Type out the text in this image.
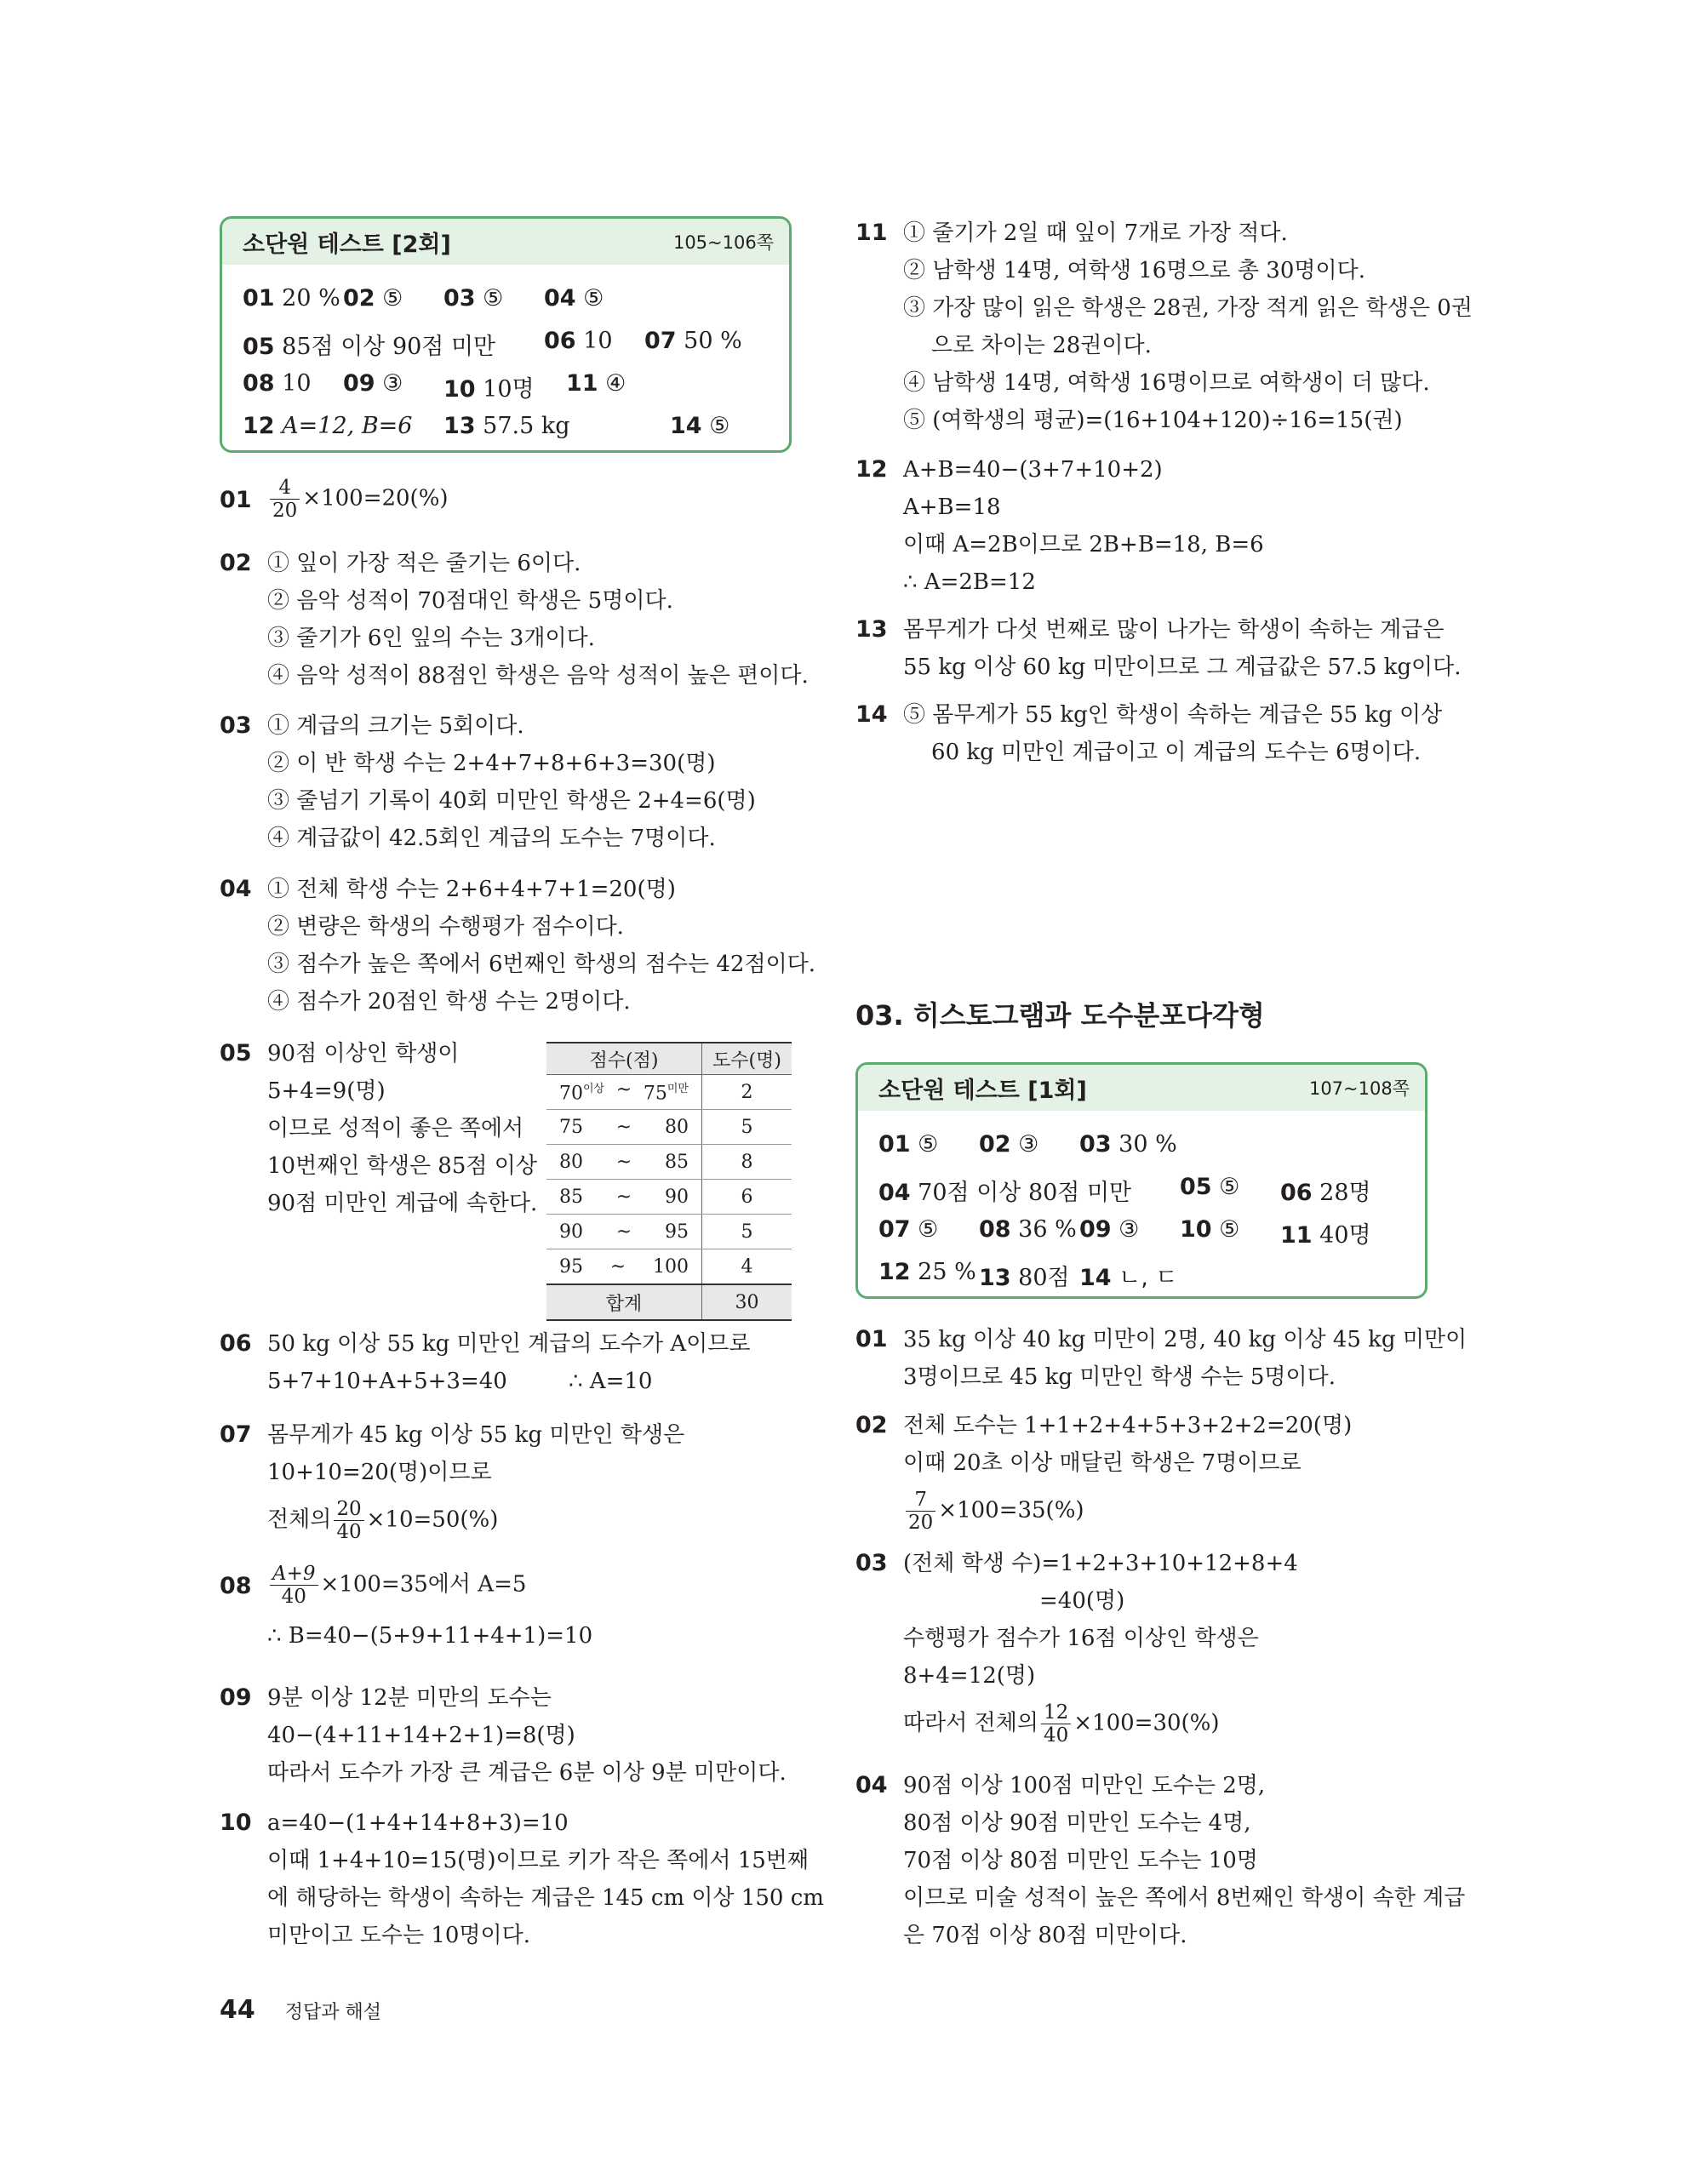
소단원 테스트 [2회]	105~106쪽
01 20 % 02 ⑤ 03 ⑤ 04 ⑤
05 85점 이상 90점 미만 06 10 07 50 %
08 10 09 ③ 10 10명 11 ④
12 A=12, B=6 13 57.5 kg	14 ⑤
$01 \frac{4}{20} \times 100=20(\%)$
02 ① 잎이 가장 적은 줄기는 6이다.
② 음악 성적이 70점대인 학생은 5명이다.
③ 줄기가 6인 잎의 수는 3개이다.
④ 음악 성적이 88점인 학생은 음악 성적이 높은 편이다.
03 ① 계급의 크기는 5회이다.
② 이 반 학생 수는 2+4+7+8+6+3=30(명)
③ 줄넘기 기록이 40회 미만인 학생은 2+4=6(명)
④ 계급값이 42.5회인 계급의 도수는 7명이다.
04 ① 전체 학생 수는 2+6+4+7+1=20(명)
② 변량은 학생의 수행평가 점수이다.
③ 점수가 높은 쪽에서 6번째인 학생의 점수는 42점이다.
④ 점수가 20점인 학생 수는 2명이다.
05 90점 이상인 학생이
5+4=9(명)
이므로 성적이 좋은 쪽에서
10번째인 학생은 85점 이상
90점 미만인 계급에 속한다.
점수(점)	도수(명)

$70^{이상}$ ~ $75^{미만}$	2

75 ~ 80	5

80 ~ 85	8

85 ~ 90	6

90 ~ 95	5

95 ~ 100	4
합계	30
06 50 kg 이상 55 kg 미만인 계급의 도수가 A이므로
5+7+10+A+5+3=40	∴ A=10
07 몸무게가 45 kg 이상 55 kg 미만인 학생은
10+10=20(명)이므로
전체의 $\frac{20}{40} \times 10=50(\%)$
$08 \frac{A+9}{40} \times 100=35$에서 A=5
∴ B=40−(5+9+11+4+1)=10
09 9분 이상 12분 미만의 도수는
40−(4+11+14+2+1)=8(명)
따라서 도수가 가장 큰 계급은 6분 이상 9분 미만이다.
10 a=40−(1+4+14+8+3)=10
이때 1+4+10=15(명)이므로 키가 작은 쪽에서 15번째
에 해당하는 학생이 속하는 계급은 145 cm 이상 150 cm
미만이고 도수는 10명이다.
11 ① 줄기가 2일 때 잎이 7개로 가장 적다.
② 남학생 14명, 여학생 16명으로 총 30명이다.
③ 가장 많이 읽은 학생은 28권, 가장 적게 읽은 학생은 0권
으로 차이는 28권이다.
④ 남학생 14명, 여학생 16명이므로 여학생이 더 많다.
⑤ (여학생의 평균)=(16+104+120)÷16=15(권)
12 A+B=40−(3+7+10+2)
A+B=18
이때 A=2B이므로 2B+B=18, B=6
∴ A=2B=12
13 몸무게가 다섯 번째로 많이 나가는 학생이 속하는 계급은
55 kg 이상 60 kg 미만이므로 그 계급값은 57.5 kg이다.
14 ⑤ 몸무게가 55 kg인 학생이 속하는 계급은 55 kg 이상
60 kg 미만인 계급이고 이 계급의 도수는 6명이다.
03. 히스토그램과 도수분포다각형
소단원 테스트 [1회]	107~108쪽
01 ⑤ 02 ③ 03 30 %
04 70점 이상 80점 미만 05 ⑤ 06 28명
07 ⑤ 08 36 % 09 ③ 10 ⑤ 11 40명
12 25 % 13 80점 14 ㄴ, ㄷ
01 35 kg 이상 40 kg 미만이 2명, 40 kg 이상 45 kg 미만이
3명이므로 45 kg 미만인 학생 수는 5명이다.
02 전체 도수는 1+1+2+4+5+3+2+2=20(명)
이때 20초 이상 매달린 학생은 7명이므로
$\frac{7}{20} \times 100=35(\%)$
03 (전체 학생 수)=1+2+3+10+12+8+4
=40(명)
수행평가 점수가 16점 이상인 학생은
8+4=12(명)
따라서 전체의 $\frac{12}{40} \times 100=30(\%)$
04 90점 이상 100점 미만인 도수는 2명,
80점 이상 90점 미만인 도수는 4명,
70점 이상 80점 미만인 도수는 10명
이므로 미술 성적이 높은 쪽에서 8번째인 학생이 속한 계급
은 70점 이상 80점 미만이다.
44 정답과 해설
